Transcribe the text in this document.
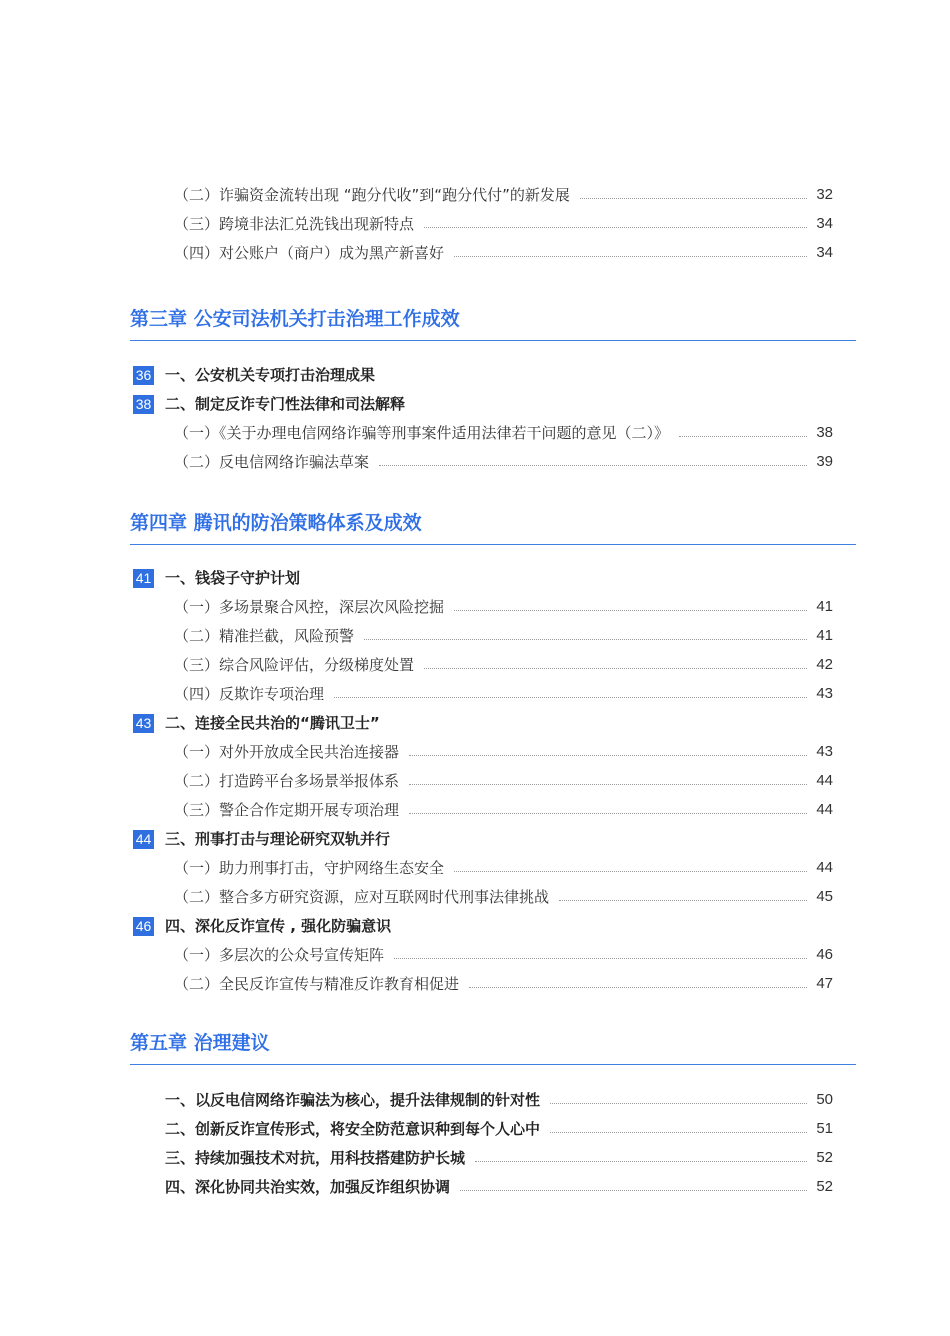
（二）诈骗资金流转出现 “跑分代收”到“跑分代付”的新发展	32
（三）跨境非法汇兑洗钱出现新特点	34
（四）对公账户（商户）成为黑产新喜好	34
第三章 公安司法机关打击治理工作成效
36 一、公安机关专项打击治理成果
38 二、制定反诈专门性法律和司法解释
（一）《关于办理电信网络诈骗等刑事案件适用法律若干问题的意见（二）》	38
（二）反电信网络诈骗法草案	39
第四章 腾讯的防治策略体系及成效
41 一、钱袋子守护计划
（一）多场景聚合风控，深层次风险挖掘	41
（二）精准拦截，风险预警	41
（三）综合风险评估，分级梯度处置	42
（四）反欺诈专项治理	43
43 二、连接全民共治的“腾讯卫士”
（一）对外开放成全民共治连接器	43
（二）打造跨平台多场景举报体系	44
（三）警企合作定期开展专项治理	44
44 三、刑事打击与理论研究双轨并行
（一）助力刑事打击，守护网络生态安全	44
（二）整合多方研究资源，应对互联网时代刑事法律挑战	45
46 四、深化反诈宣传 , 强化防骗意识
（一）多层次的公众号宣传矩阵	46
（二）全民反诈宣传与精准反诈教育相促进	47
第五章 治理建议
一、以反电信网络诈骗法为核心，提升法律规制的针对性	50
二、创新反诈宣传形式，将安全防范意识种到每个人心中	51
三、持续加强技术对抗，用科技搭建防护长城	52
四、深化协同共治实效，加强反诈组织协调	52
